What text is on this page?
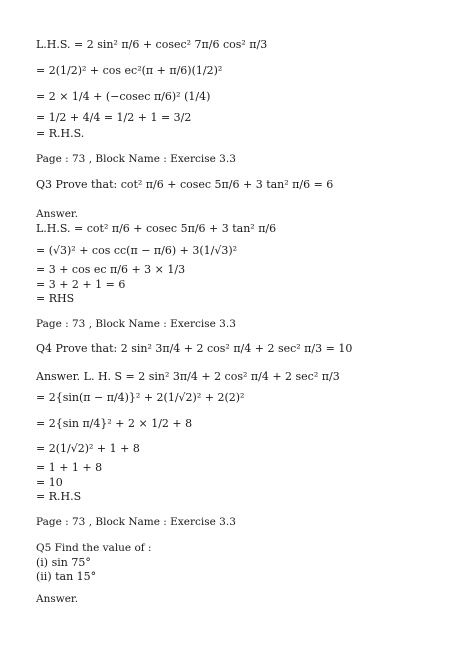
L.H.S. = 2 sin² π/6 + cosec² 7π/6 cos² π/3
= 2(1/2)² + cos ec²(π + π/6)(1/2)²
= 2 × 1/4 + (−cosec π/6)² (1/4)
= 1/2 + 4/4 = 1/2 + 1 = 3/2
= R.H.S.
Page : 73 , Block Name : Exercise 3.3
Q3 Prove that: cot² π/6 + cosec 5π/6 + 3 tan² π/6 = 6
Answer.
L.H.S. = cot² π/6 + cosec 5π/6 + 3 tan² π/6
= (√3)² + cos cc(π − π/6) + 3(1/√3)²
= 3 + cos ec π/6 + 3 × 1/3
= 3 + 2 + 1 = 6
= RHS
Page : 73 , Block Name : Exercise 3.3
Q4 Prove that: 2 sin² 3π/4 + 2 cos² π/4 + 2 sec² π/3 = 10
Answer. L. H. S = 2 sin² 3π/4 + 2 cos² π/4 + 2 sec² π/3
= 2{sin(π − π/4)}² + 2(1/√2)² + 2(2)²
= 2{sin π/4}² + 2 × 1/2 + 8
= 2(1/√2)² + 1 + 8
= 1 + 1 + 8
= 10
= R.H.S
Page : 73 , Block Name : Exercise 3.3
Q5 Find the value of :
(i) sin 75°
(ii) tan 15°
Answer.
